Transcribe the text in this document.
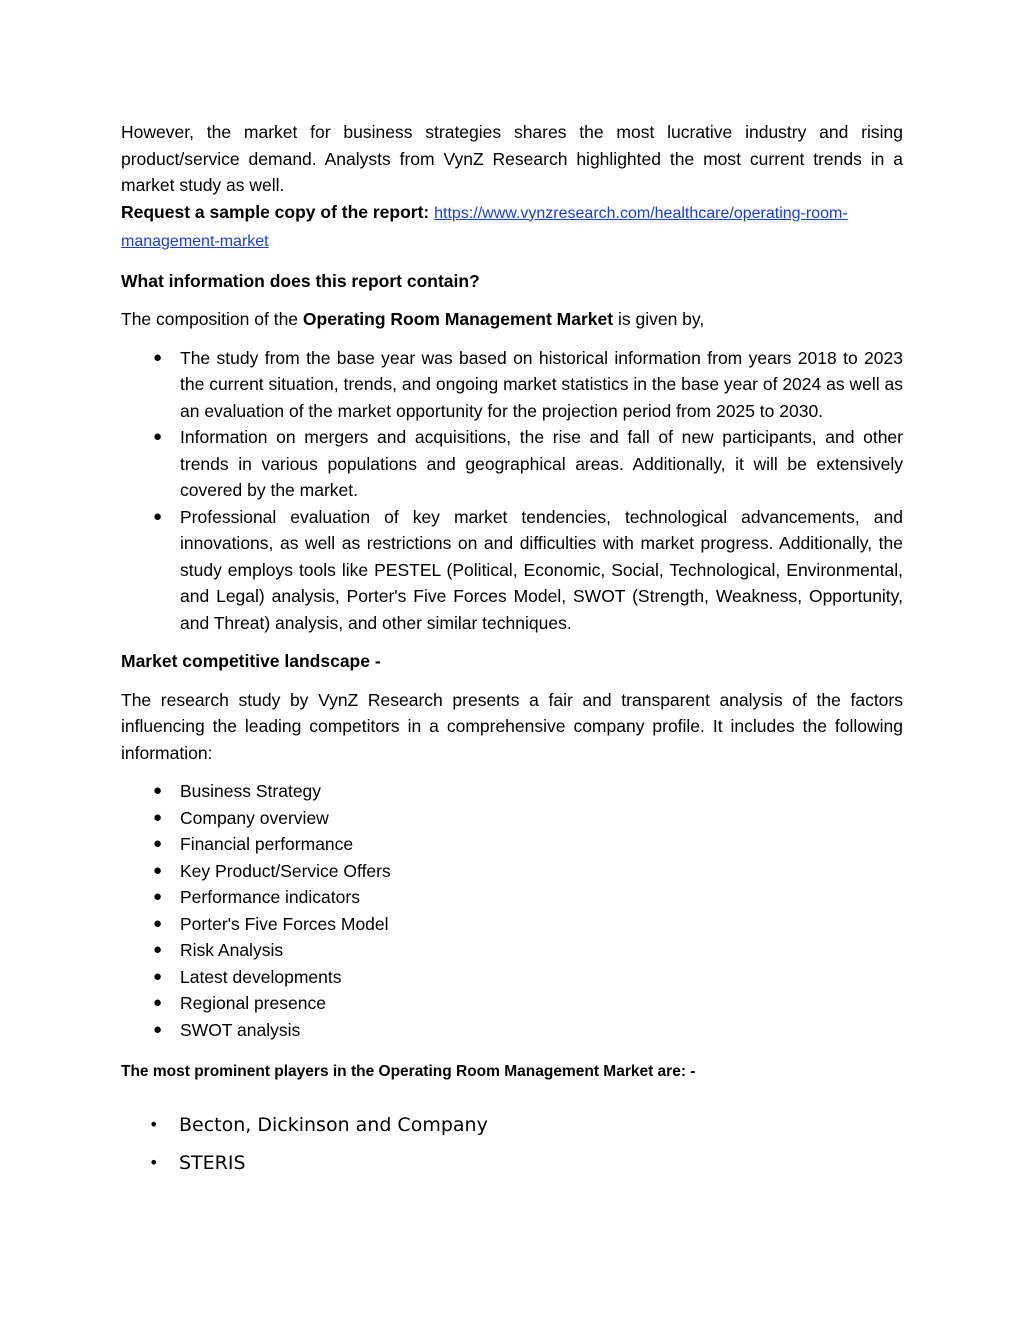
However, the market for business strategies shares the most lucrative industry and rising product/service demand. Analysts from VynZ Research highlighted the most current trends in a market study as well.

Request a sample copy of the report: https://www.vynzresearch.com/healthcare/operating-room-management-market

What information does this report contain?

The composition of the Operating Room Management Market is given by,

● The study from the base year was based on historical information from years 2018 to 2023 the current situation, trends, and ongoing market statistics in the base year of 2024 as well as an evaluation of the market opportunity for the projection period from 2025 to 2030.
● Information on mergers and acquisitions, the rise and fall of new participants, and other trends in various populations and geographical areas. Additionally, it will be extensively covered by the market.
● Professional evaluation of key market tendencies, technological advancements, and innovations, as well as restrictions on and difficulties with market progress. Additionally, the study employs tools like PESTEL (Political, Economic, Social, Technological, Environmental, and Legal) analysis, Porter's Five Forces Model, SWOT (Strength, Weakness, Opportunity, and Threat) analysis, and other similar techniques.

Market competitive landscape -

The research study by VynZ Research presents a fair and transparent analysis of the factors influencing the leading competitors in a comprehensive company profile. It includes the following information:

● Business Strategy
● Company overview
● Financial performance
● Key Product/Service Offers
● Performance indicators
● Porter's Five Forces Model
● Risk Analysis
● Latest developments
● Regional presence
● SWOT analysis

The most prominent players in the Operating Room Management Market are: -

• Becton, Dickinson and Company
• STERIS
